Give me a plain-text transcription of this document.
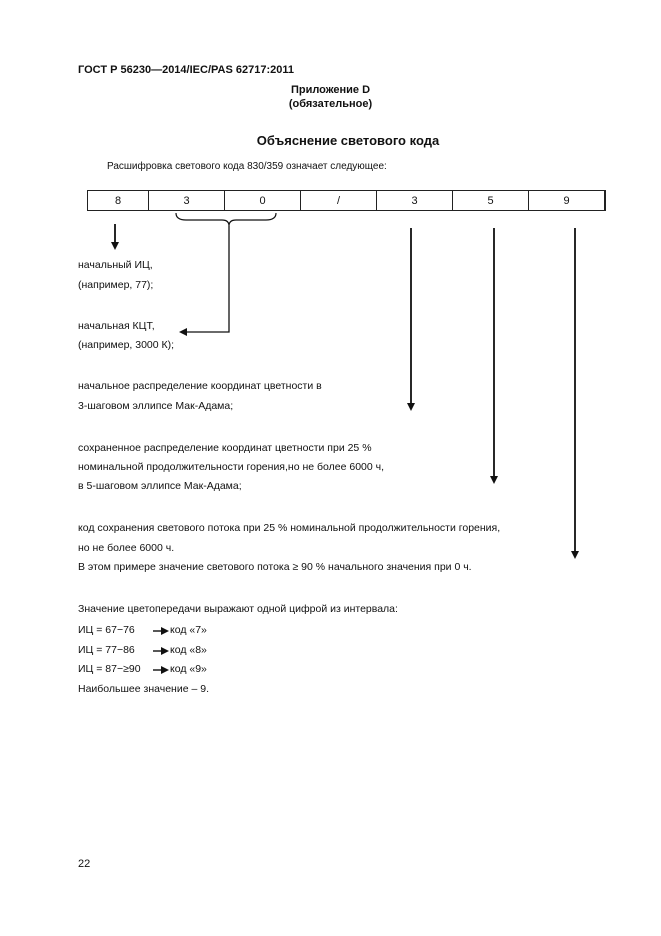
ГОСТ Р 56230—2014/IEC/PAS 62717:2011
Приложение D
(обязательное)
Объяснение светового кода
Расшифровка светового кода 830/359 означает следующее:
8	3	0	/	3	5	9
начальный ИЦ,
(например, 77);
начальная КЦТ,
(например, 3000 К);
начальное распределение координат цветности в
3-шаговом эллипсе Мак-Адама;
сохраненное распределение координат цветности при 25 %
номинальной продолжительности горения,но не более 6000 ч,
в 5-шаговом эллипсе Мак-Адама;
код сохранения светового потока при 25 % номинальной продолжительности горения,
но не более 6000 ч.
В этом примере значение светового потока ≥ 90 % начального значения при 0 ч.
Значение цветопередачи выражают одной цифрой из интервала:
ИЦ = 67−76	код «7»
ИЦ = 77−86	код «8»
ИЦ = 87−≥90	код «9»
Наибольшее значение – 9.
22
